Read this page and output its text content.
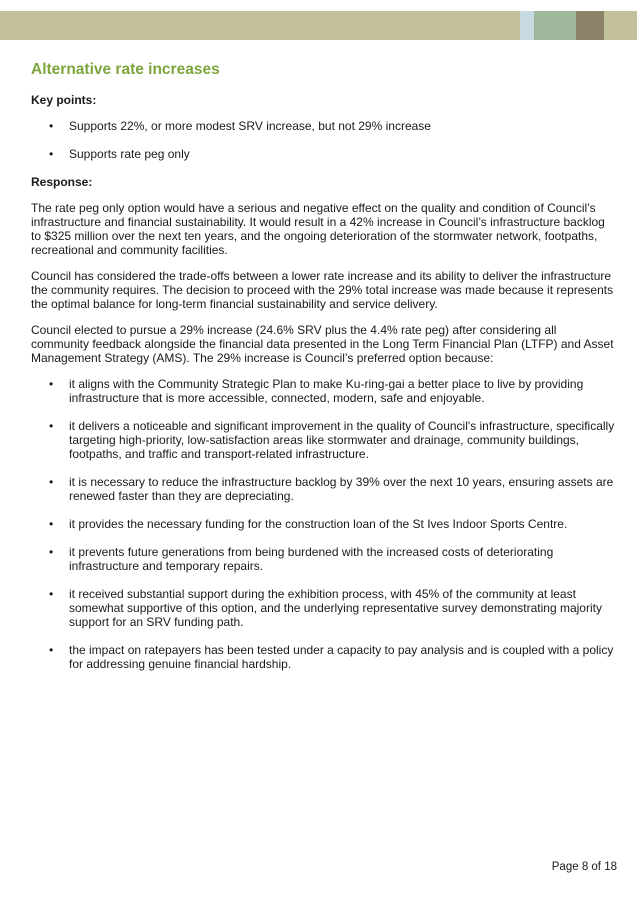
Alternative rate increases
Key points:
• Supports 22%, or more modest SRV increase, but not 29% increase
• Supports rate peg only
Response:

The rate peg only option would have a serious and negative effect on the quality and condition of Council’s infrastructure and financial sustainability. It would result in a 42% increase in Council’s infrastructure backlog to $325 million over the next ten years, and the ongoing deterioration of the stormwater network, footpaths, recreational and community facilities.

Council has considered the trade-offs between a lower rate increase and its ability to deliver the infrastructure the community requires. The decision to proceed with the 29% total increase was made because it represents the optimal balance for long-term financial sustainability and service delivery.

Council elected to pursue a 29% increase (24.6% SRV plus the 4.4% rate peg) after considering all community feedback alongside the financial data presented in the Long Term Financial Plan (LTFP) and Asset Management Strategy (AMS). The 29% increase is Council’s preferred option because:

• it aligns with the Community Strategic Plan to make Ku-ring-gai a better place to live by providing infrastructure that is more accessible, connected, modern, safe and enjoyable.
• it delivers a noticeable and significant improvement in the quality of Council's infrastructure, specifically targeting high-priority, low-satisfaction areas like stormwater and drainage, community buildings, footpaths, and traffic and transport-related infrastructure.
• it is necessary to reduce the infrastructure backlog by 39% over the next 10 years, ensuring assets are renewed faster than they are depreciating.
• it provides the necessary funding for the construction loan of the St Ives Indoor Sports Centre.
• it prevents future generations from being burdened with the increased costs of deteriorating infrastructure and temporary repairs.
• it received substantial support during the exhibition process, with 45% of the community at least somewhat supportive of this option, and the underlying representative survey demonstrating majority support for an SRV funding path.
• the impact on ratepayers has been tested under a capacity to pay analysis and is coupled with a policy for addressing genuine financial hardship.
Page 8 of 18
